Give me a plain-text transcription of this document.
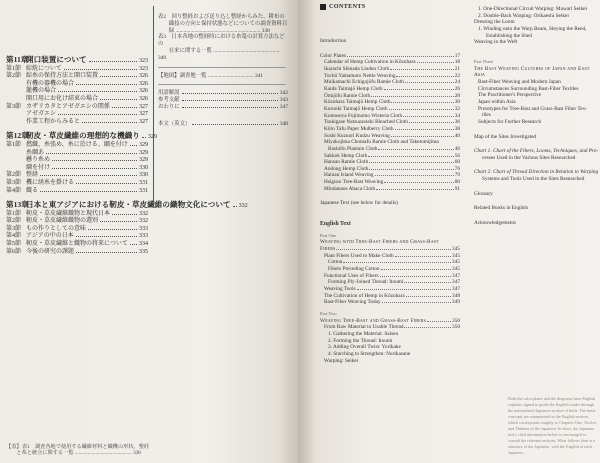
表2　回り整経および送り込し整経からみた、耕布の
　　織技の方向と保持状態などについての調査資料目
　　録 ............................................................... 338
表3　日本各地の整経時における糸篭の計算方法などの
　　在来に関する一覧 ................................................. 340
【地図】調査地一覧 .................................. 341
用語解説	342
参考文献	343
おわりに	347
本文（英文）	348
第11章
開口装置について	323
第1節 綜絖について	323
第2節 綜糸の保持方法と開口装置	326
有機の器機の場合	326
籠機の場合	326
開口用にお化け結束の場合	326
第3節 カザリカタとアゼガエシの関係	327
アゼガエシ	327
作業工程からみると	327
第12章
靭皮・草皮繊維の理想的な機織り 329
第1節 撚織、糸張め、糸に於ける、綱を付け 329
糸綱あ	329
懸り糸め	329
綱を付け	330
第2節 整経	330
第3節 機に経糸を掛ける	331
第4節 織る	331
第13章
日本と東アジアにおける靭皮・草皮繊維の織物文化について 332
第1節 靭皮・草皮繊維織物と現代日本	332
第2節 靭皮・草皮繊維織物の選別	332
第3節 もの作りとしての意味	333
第4節 アジアの中の日本	333
第5節 靭皮・草皮繊維と織物の将来について 334
第6節 今後の研究の課題	335
【表】表1　調査各地で使用する繊維材料と織機の形状、整経
　　と糸と統合に関する一覧 ............................................ 336
CONTENTS
Introduction
Color Plates	17
Calendar of Hemp Cultivation in Kōzuhara	18
Ikarachi Shinada Linden Cloth	21
Tochū Yamamoto Nettle Weaving	22
Muikamachi Echigojōfu Ramie Cloth	24
Kaida Taimajō Hemp Cloth	26
Ōmijōfu Ramie Cloth	28
Kōzuhara Taimajō Hemp Cloth	30
Kuruoki Taimajō Hemp Cloth	32
Kumoseya Fujimomo Wisteria Cloth	34
Tsukigase Natsuzarashi Bleached Cloth	36
Kiito Tafu Paper Mulberry Cloth	38
Soshi Kuzuori Kudzu Weaving	40
Miyakojima Chomafu Ramie Cloth and Taketomijima
Bashōfu Plantain Cloth	46
Sakkok Hemp Cloth	56
Hansan Ramie Cloth	60
Andong Hemp Cloth	76
Hainan Island Weaving	79
Hsiguso Tree-Bast Weaving	80
Mindanaos Abaca Cloth	91
Japanese Text (see below for details)
English Text
Part One
Weaving with Tree-Bast Fibers and Grass-Bast
Fibers	345
Plant Fibers Used to Make Cloth	345
Cotton	345
Fibers Preceding Cotton	345
Functional Uses of Fibers	347
Forming Ply-Joined Thread: Itoumi	347
Weaving Tools	347
The Cultivation of Hemp in Kōzuhara	348
Bast-Fiber Weaving Today	349
Part Two
Weaving Tree-Bast and Grass-Bast Fibers	350
From Raw Material to Usable Thread	350
1. Gathering the Material: Saisen
2. Forming the Thread: Itoumi
3. Adding Overall Twist: Yorikake
4. Starching to Strengthen: Norikasane
Warping: Seikei
1. One-Directional Circuit Warping: Mawari Seikei
2. Double-Back Warping: Orikaeshi Seikei
Dressing the Loom
1. Winding onto the Warp Beam, Sleying the Reed,
Establishing the Shed
Weaving in the Weft
Part Three
The Bast Weaving Cultures of Japan and East
Asia
Bast-Fiber Weaving and Modern Japan
Circumstances Surrounding Bast-Fiber Textiles
The Practitioner's Perspective
Japan within Asia
Prototypes for Tree-Bast and Grass-Bast Fiber Tex-
tiles
Subjects for Further Research
Map of the Sites Investigated
Chart 1. Chart of the Fibers, Looms, Techniques, and Pro-
cesses Used in the Various Sites Researched
Chart 2. Chart of Thread Direction in Relation to Warping
Systems and Tools Used in the Sites Researched
Glossary
Related Books in English
Acknowledgements
Both the color plates and the diagrams have English captions signed to guide the English reader through the untranslated Japanese section of book. The basic concepts are summarized in the English section, which corresponds roughly to Chapters One, Twelve, and Thirteen of the Japanese. In short, the Japanese text's cited information below is encouraged to consult the relevant sections. What follows then is a structure of the Japanese, with the English of each Japanese...
